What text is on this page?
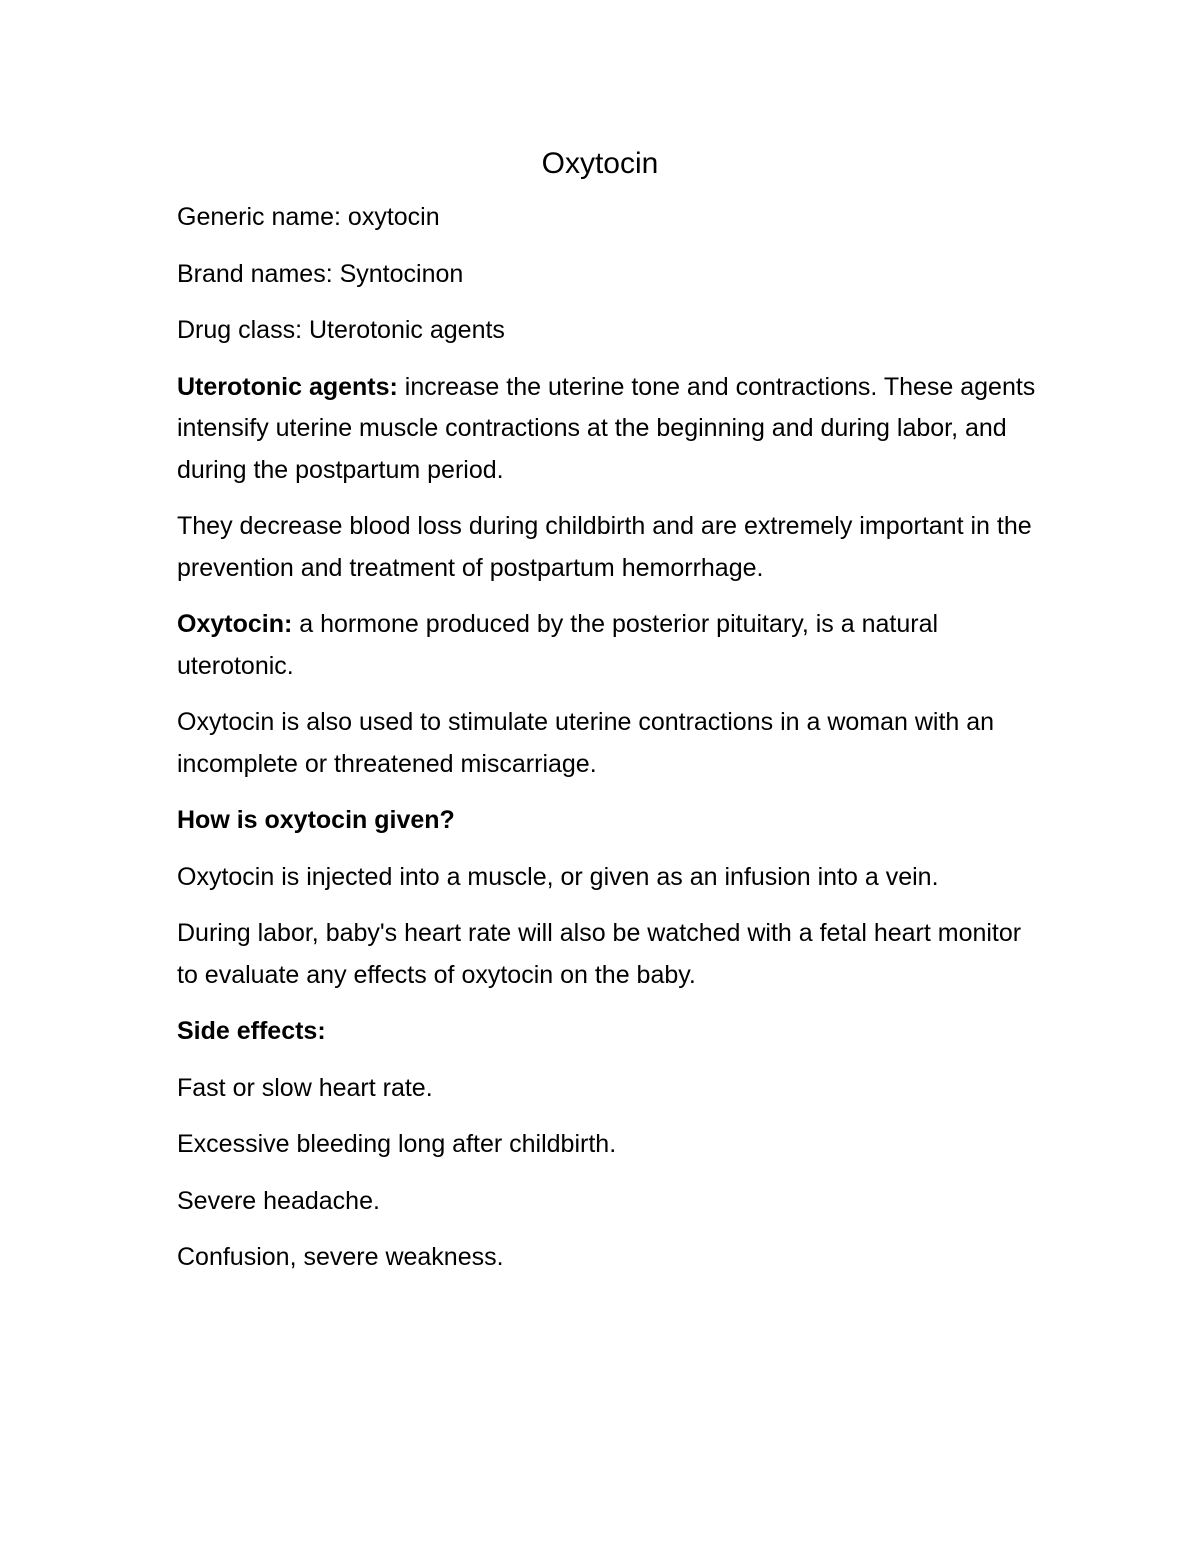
Oxytocin

Generic name: oxytocin

Brand names: Syntocinon

Drug class: Uterotonic agents

Uterotonic agents: increase the uterine tone and contractions. These agents intensify uterine muscle contractions at the beginning and during labor, and during the postpartum period.

They decrease blood loss during childbirth and are extremely important in the prevention and treatment of postpartum hemorrhage.

Oxytocin: a hormone produced by the posterior pituitary, is a natural uterotonic.

Oxytocin is also used to stimulate uterine contractions in a woman with an incomplete or threatened miscarriage.

How is oxytocin given?

Oxytocin is injected into a muscle, or given as an infusion into a vein.

During labor, baby's heart rate will also be watched with a fetal heart monitor to evaluate any effects of oxytocin on the baby.

Side effects:

Fast or slow heart rate.

Excessive bleeding long after childbirth.

Severe headache.

Confusion, severe weakness.
